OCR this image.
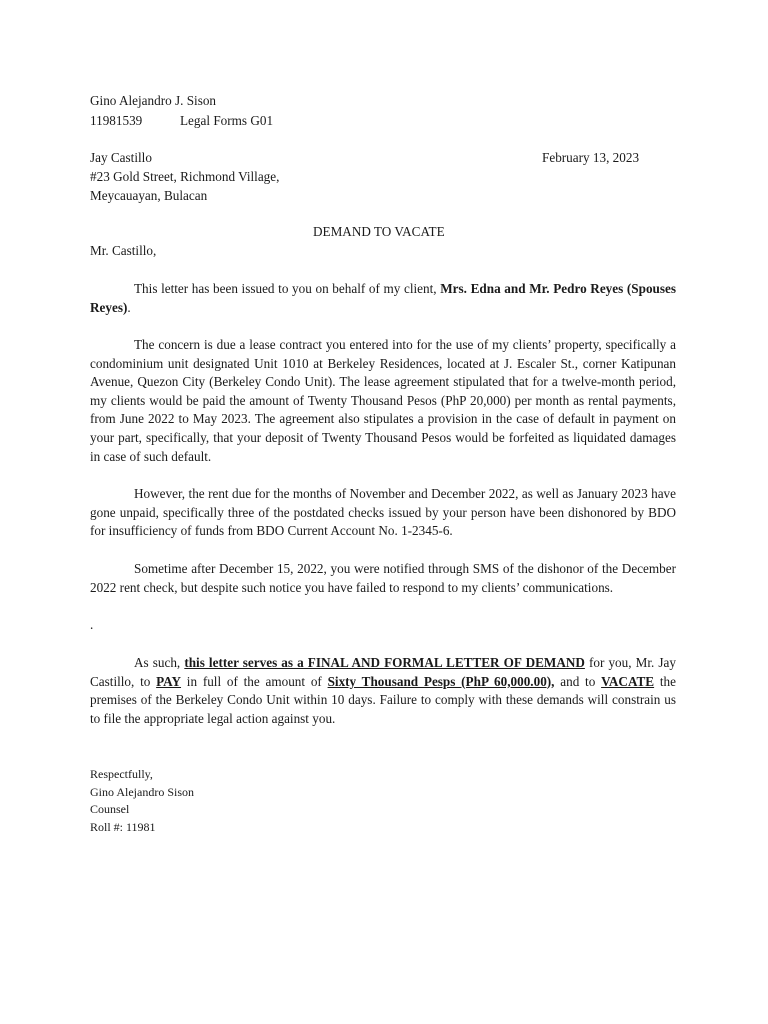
Gino Alejandro J. Sison
11981539	Legal Forms G01
Jay Castillo	February 13, 2023
#23 Gold Street, Richmond Village,
Meycauayan, Bulacan
DEMAND TO VACATE
Mr. Castillo,

This letter has been issued to you on behalf of my client, Mrs. Edna and Mr. Pedro Reyes (Spouses Reyes).

The concern is due a lease contract you entered into for the use of my clients’ property, specifically a condominium unit designated Unit 1010 at Berkeley Residences, located at J. Escaler St., corner Katipunan Avenue, Quezon City (Berkeley Condo Unit). The lease agreement stipulated that for a twelve-month period, my clients would be paid the amount of Twenty Thousand Pesos (PhP 20,000) per month as rental payments, from June 2022 to May 2023. The agreement also stipulates a provision in the case of default in payment on your part, specifically, that your deposit of Twenty Thousand Pesos would be forfeited as liquidated damages in case of such default.

However, the rent due for the months of November and December 2022, as well as January 2023 have gone unpaid, specifically three of the postdated checks issued by your person have been dishonored by BDO for insufficiency of funds from BDO Current Account No. 1-2345-6.

Sometime after December 15, 2022, you were notified through SMS of the dishonor of the December 2022 rent check, but despite such notice you have failed to respond to my clients’ communications.

.

As such, this letter serves as a FINAL AND FORMAL LETTER OF DEMAND for you, Mr. Jay Castillo, to PAY in full of the amount of Sixty Thousand Pesps (PhP 60,000.00), and to VACATE the premises of the Berkeley Condo Unit within 10 days. Failure to comply with these demands will constrain us to file the appropriate legal action against you.

Respectfully,
Gino Alejandro Sison
Counsel
Roll #: 11981
